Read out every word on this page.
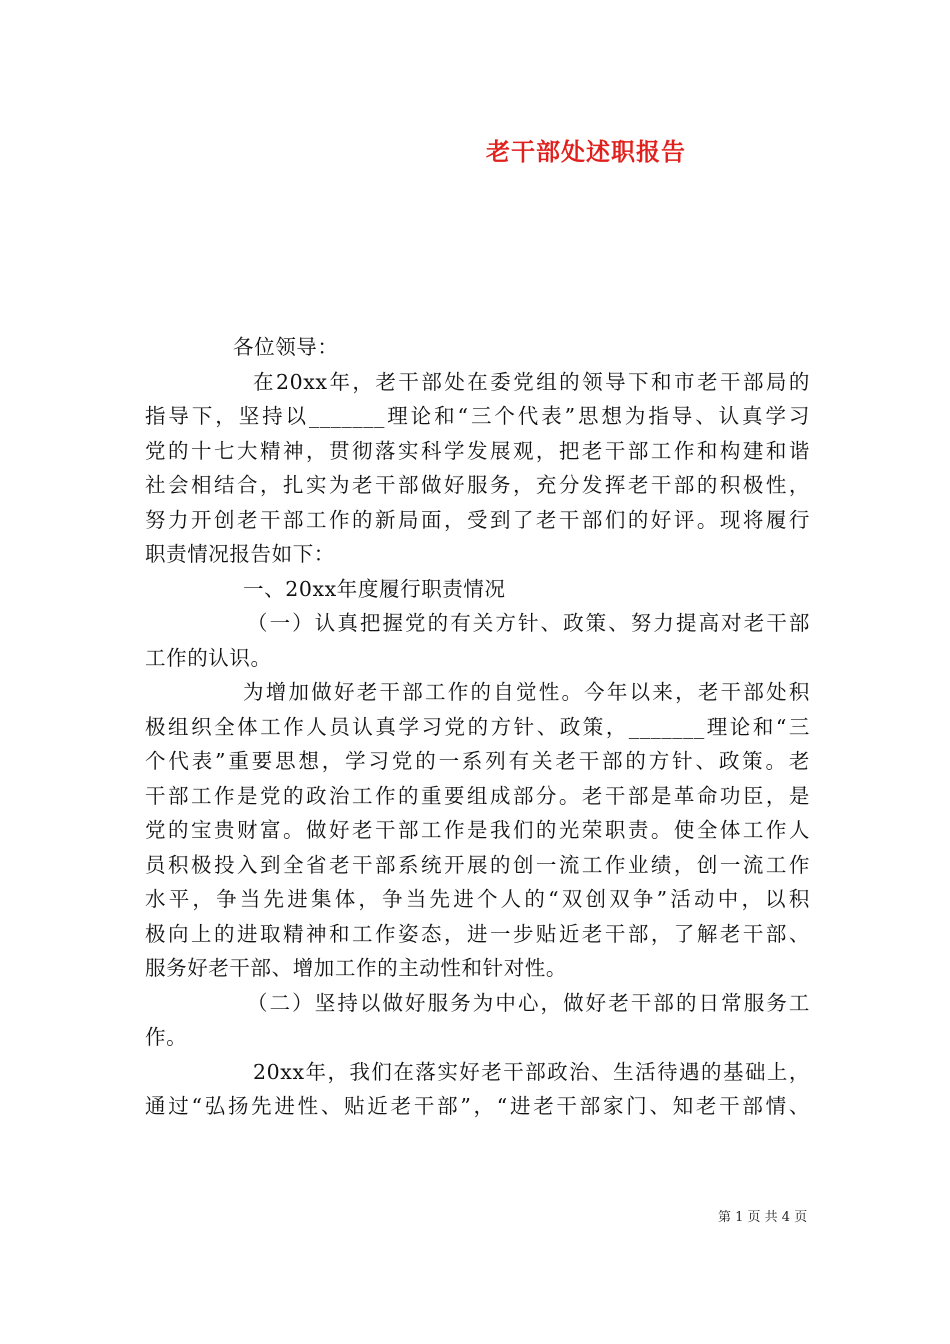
老干部处述职报告
各位领导：
在20xx年，老干部处在委党组的领导下和市老干部局的
指导下，坚持以_______理论和“三个代表”思想为指导、认真学习
党的十七大精神，贯彻落实科学发展观，把老干部工作和构建和谐
社会相结合，扎实为老干部做好服务，充分发挥老干部的积极性，
努力开创老干部工作的新局面，受到了老干部们的好评。现将履行
职责情况报告如下：
一、20xx年度履行职责情况
（一）认真把握党的有关方针、政策、努力提高对老干部
工作的认识。
为增加做好老干部工作的自觉性。今年以来，老干部处积
极组织全体工作人员认真学习党的方针、政策，_______理论和“三
个代表”重要思想，学习党的一系列有关老干部的方针、政策。老
干部工作是党的政治工作的重要组成部分。老干部是革命功臣，是
党的宝贵财富。做好老干部工作是我们的光荣职责。使全体工作人
员积极投入到全省老干部系统开展的创一流工作业绩，创一流工作
水平，争当先进集体，争当先进个人的“双创双争”活动中，以积
极向上的进取精神和工作姿态，进一步贴近老干部，了解老干部、
服务好老干部、增加工作的主动性和针对性。
（二）坚持以做好服务为中心，做好老干部的日常服务工
作。
20xx年，我们在落实好老干部政治、生活待遇的基础上，
通过“弘扬先进性、贴近老干部”，“进老干部家门、知老干部情、
第 1 页 共 4 页
